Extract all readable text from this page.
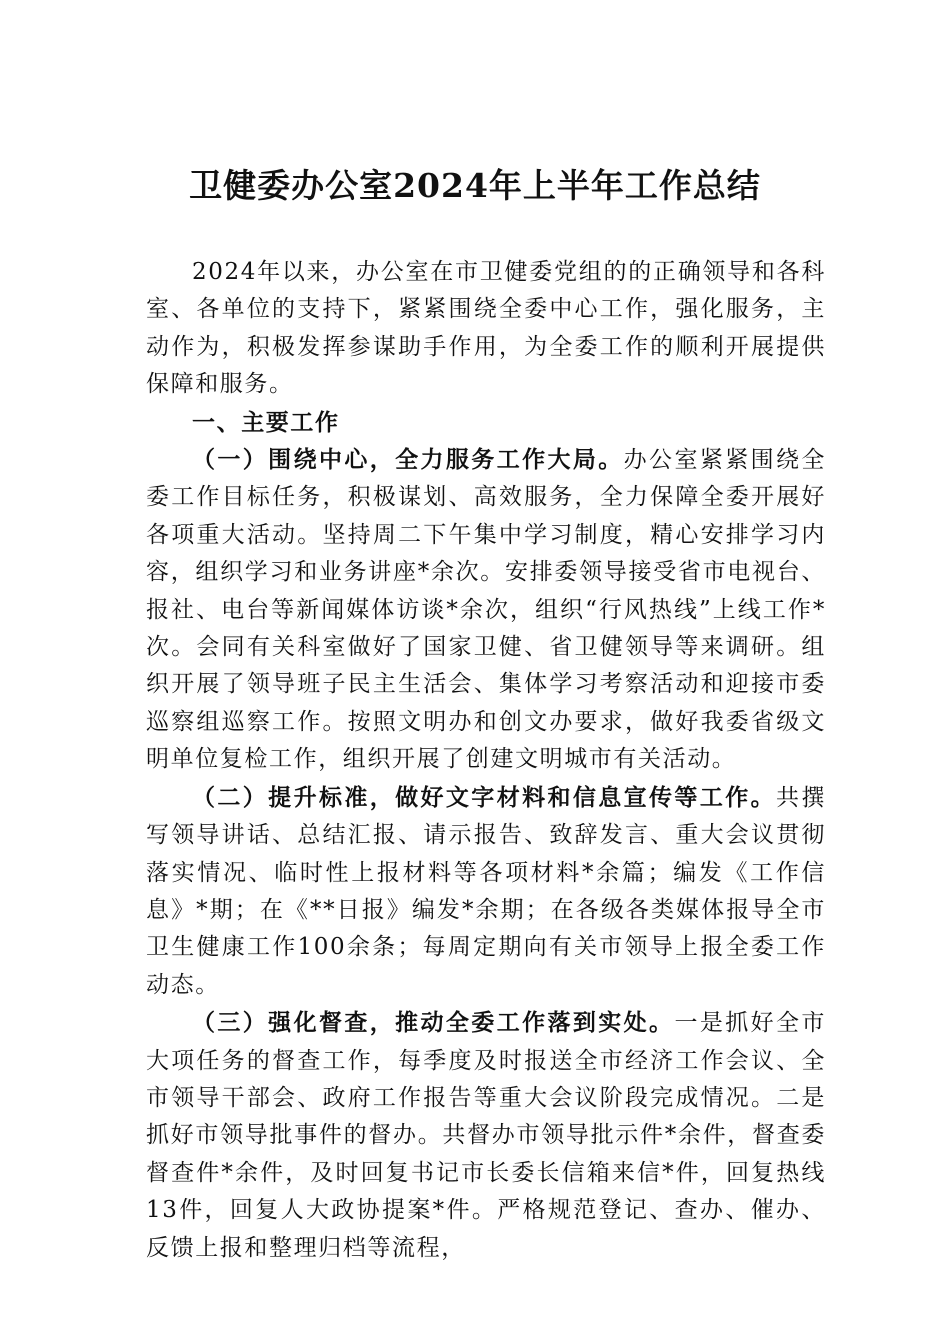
卫健委办公室2024年上半年工作总结

2024年以来，办公室在市卫健委党组的的正确领导和各科室、各单位的支持下，紧紧围绕全委中心工作，强化服务，主动作为，积极发挥参谋助手作用，为全委工作的顺利开展提供保障和服务。

一、主要工作

（一）围绕中心，全力服务工作大局。办公室紧紧围绕全委工作目标任务，积极谋划、高效服务，全力保障全委开展好各项重大活动。坚持周二下午集中学习制度，精心安排学习内容，组织学习和业务讲座*余次。安排委领导接受省市电视台、报社、电台等新闻媒体访谈*余次，组织“行风热线”上线工作*次。会同有关科室做好了国家卫健、省卫健领导等来调研。组织开展了领导班子民主生活会、集体学习考察活动和迎接市委巡察组巡察工作。按照文明办和创文办要求，做好我委省级文明单位复检工作，组织开展了创建文明城市有关活动。

（二）提升标准，做好文字材料和信息宣传等工作。共撰写领导讲话、总结汇报、请示报告、致辞发言、重大会议贯彻落实情况、临时性上报材料等各项材料*余篇；编发《工作信息》*期；在《**日报》编发*余期；在各级各类媒体报导全市卫生健康工作100余条；每周定期向有关市领导上报全委工作动态。

（三）强化督查，推动全委工作落到实处。一是抓好全市大项任务的督查工作，每季度及时报送全市经济工作会议、全市领导干部会、政府工作报告等重大会议阶段完成情况。二是抓好市领导批事件的督办。共督办市领导批示件*余件，督查委督查件*余件，及时回复书记市长委长信箱来信*件，回复热线13件，回复人大政协提案*件。严格规范登记、查办、催办、反馈上报和整理归档等流程，
